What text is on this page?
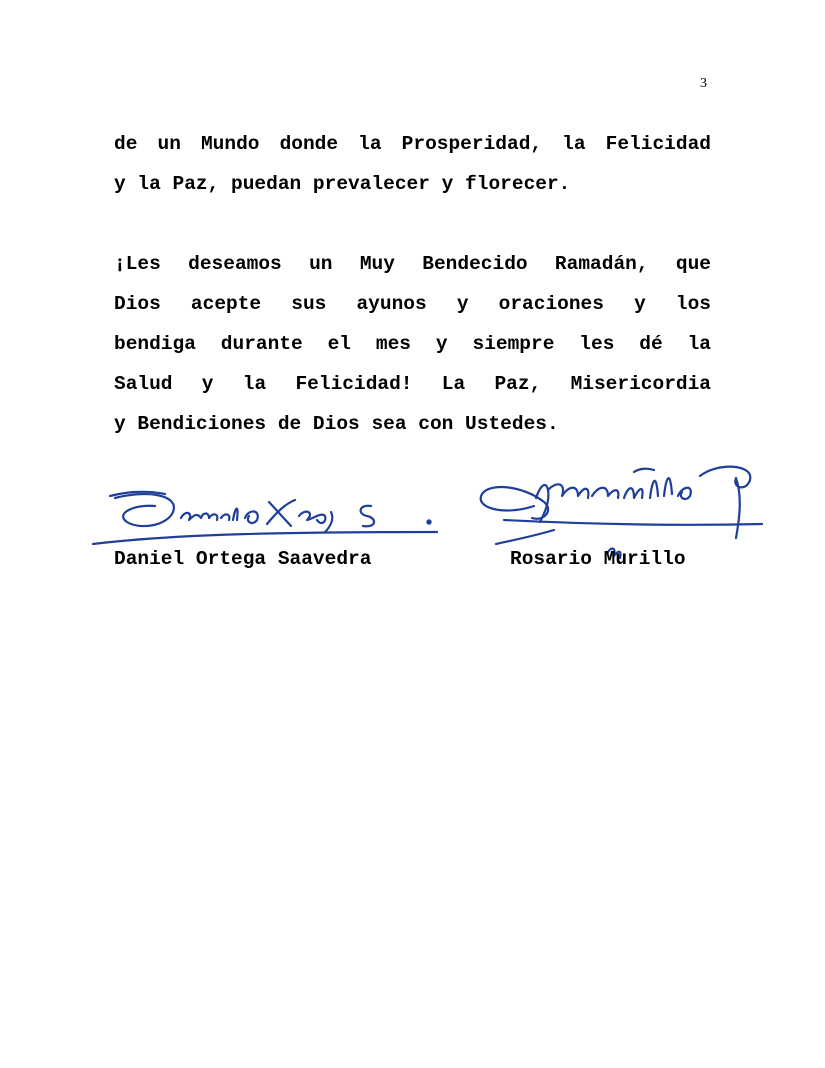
3
de un Mundo donde la Prosperidad, la Felicidad
y la Paz, puedan prevalecer y florecer.
¡Les deseamos un Muy Bendecido Ramadán, que
Dios acepte sus ayunos y oraciones y los
bendiga durante el mes y siempre les dé la
Salud y la Felicidad! La Paz, Misericordia
y Bendiciones de Dios sea con Ustedes.
Daniel Ortega Saavedra	Rosario Murillo
